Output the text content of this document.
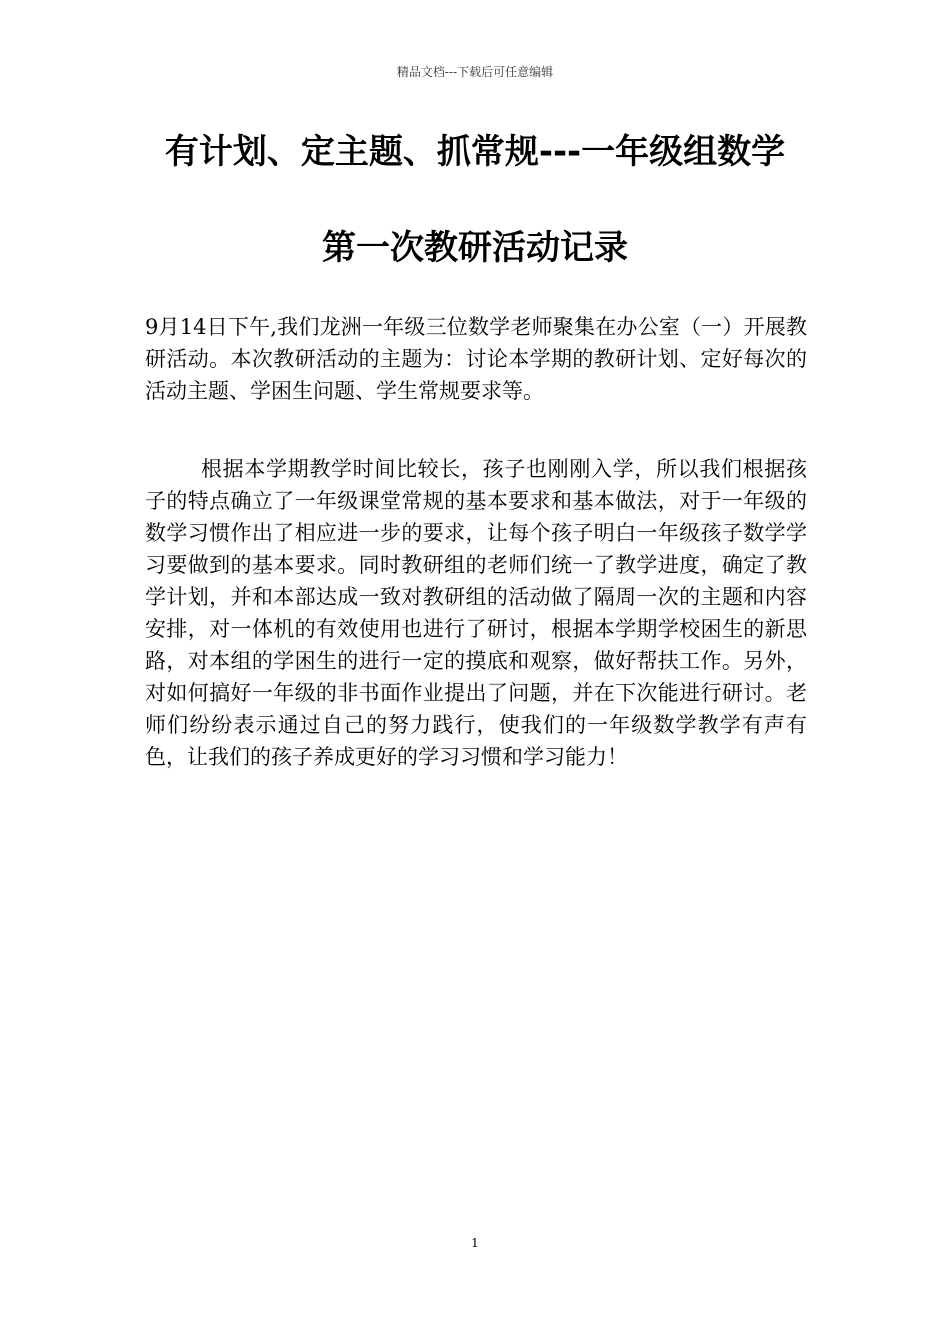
精品文档---下载后可任意编辑
有计划、定主题、抓常规---一年级组数学
第一次教研活动记录

9月14日下午,我们龙洲一年级三位数学老师聚集在办公室（一）开展教研活动。本次教研活动的主题为：讨论本学期的教研计划、定好每次的活动主题、学困生问题、学生常规要求等。

根据本学期教学时间比较长，孩子也刚刚入学，所以我们根据孩子的特点确立了一年级课堂常规的基本要求和基本做法，对于一年级的数学习惯作出了相应进一步的要求，让每个孩子明白一年级孩子数学学习要做到的基本要求。同时教研组的老师们统一了教学进度，确定了教学计划，并和本部达成一致对教研组的活动做了隔周一次的主题和内容安排，对一体机的有效使用也进行了研讨，根据本学期学校困生的新思路，对本组的学困生的进行一定的摸底和观察，做好帮扶工作。另外，对如何搞好一年级的非书面作业提出了问题，并在下次能进行研讨。老师们纷纷表示通过自己的努力践行，使我们的一年级数学教学有声有色，让我们的孩子养成更好的学习习惯和学习能力！

1
